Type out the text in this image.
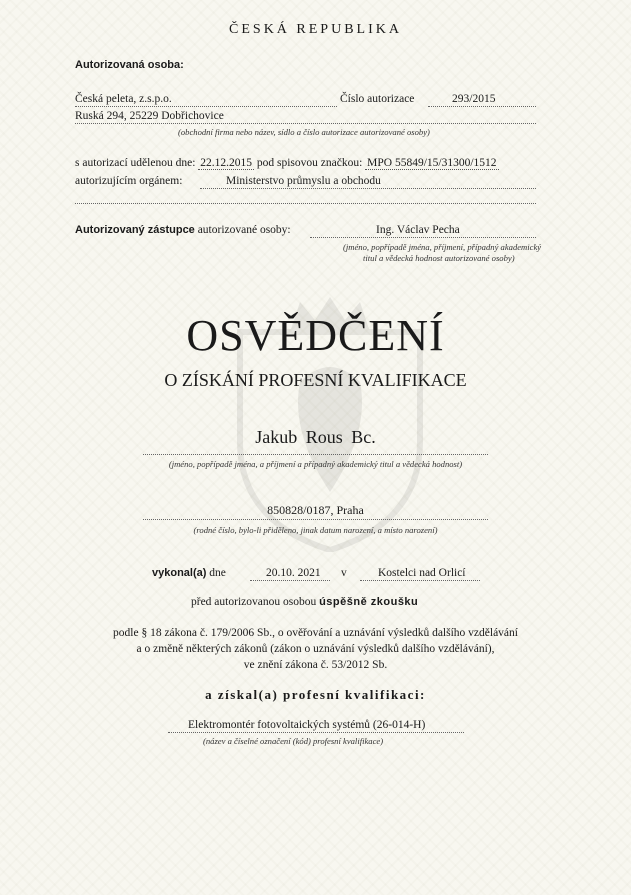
ČESKÁ REPUBLIKA
Autorizovaná osoba:
Česká peleta, z.s.p.o.	Číslo autorizace	293/2015
Ruská 294, 25229 Dobřichovice
(obchodní firma nebo název, sídlo a číslo autorizace autorizované osoby)
s autorizací udělenou dne: 22.12.2015 pod spisovou značkou: MPO 55849/15/31300/1512
autorizujícím orgánem:	Ministerstvo průmyslu a obchodu
Autorizovaný zástupce autorizované osoby:	Ing. Václav Pecha
(jméno, popřípadě jména, příjmení, případný akademický
titul a vědecká hodnost autorizované osoby)
OSVĚDČENÍ
O ZÍSKÁNÍ PROFESNÍ KVALIFIKACE
Jakub Rous Bc.
(jméno, popřípadě jména, a příjmení a případný akademický titul a vědecká hodnost)
850828/0187, Praha
(rodné číslo, bylo-li přiděleno, jinak datum narození, a místo narození)
vykonal(a) dne	20.10. 2021 v	Kostelci nad Orlicí
před autorizovanou osobou úspěšně zkoušku
podle § 18 zákona č. 179/2006 Sb., o ověřování a uznávání výsledků dalšího vzdělávání
a o změně některých zákonů (zákon o uznávání výsledků dalšího vzdělávání),
ve znění zákona č. 53/2012 Sb.
a získal(a) profesní kvalifikaci:
Elektromontér fotovoltaických systémů (26-014-H)
(název a číselné označení (kód) profesní kvalifikace)
